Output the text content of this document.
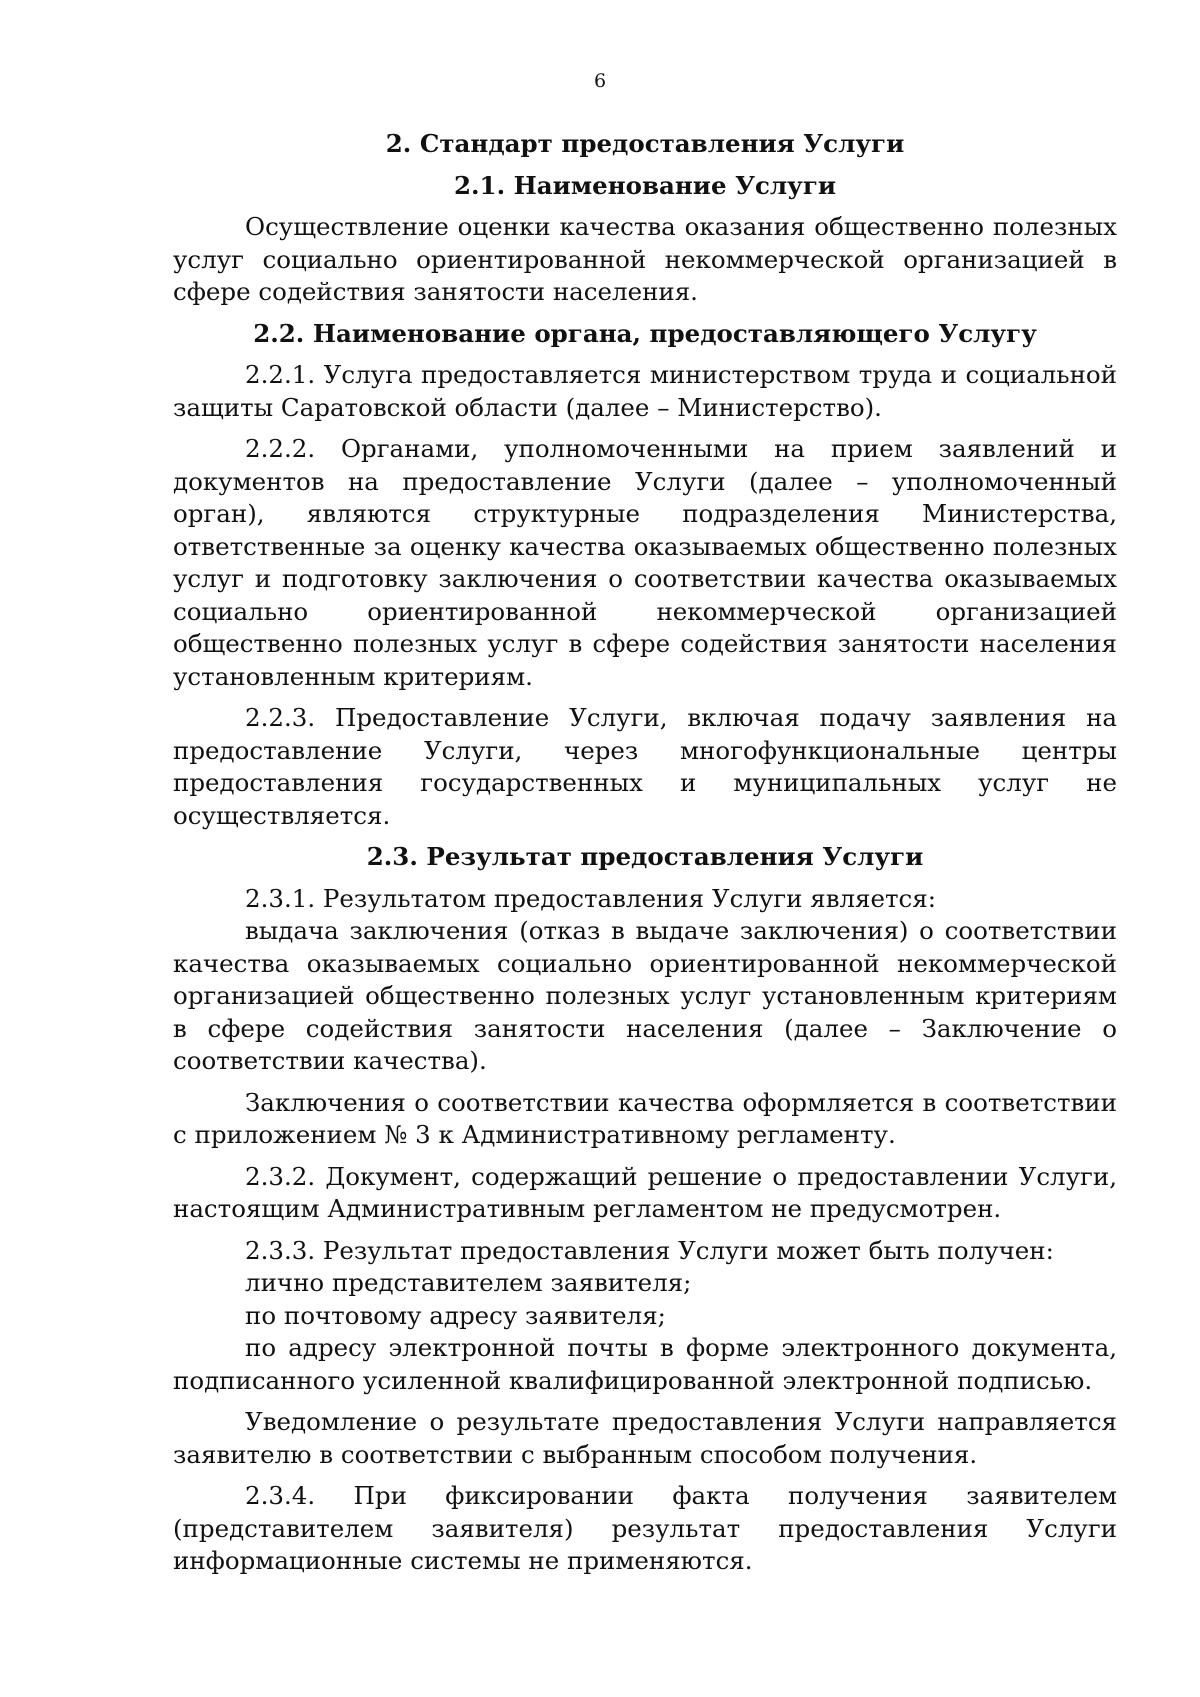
6

2. Стандарт предоставления Услуги

2.1. Наименование Услуги

Осуществление оценки качества оказания общественно полезных услуг социально ориентированной некоммерческой организацией в сфере содействия занятости населения.

2.2. Наименование органа, предоставляющего Услугу

2.2.1. Услуга предоставляется министерством труда и социальной защиты Саратовской области (далее – Министерство).

2.2.2. Органами, уполномоченными на прием заявлений и документов на предоставление Услуги (далее – уполномоченный орган), являются структурные подразделения Министерства, ответственные за оценку качества оказываемых общественно полезных услуг и подготовку заключения о соответствии качества оказываемых социально ориентированной некоммерческой организацией общественно полезных услуг в сфере содействия занятости населения установленным критериям.

2.2.3. Предоставление Услуги, включая подачу заявления на предоставление Услуги, через многофункциональные центры предоставления государственных и муниципальных услуг не осуществляется.

2.3. Результат предоставления Услуги

2.3.1. Результатом предоставления Услуги является:

выдача заключения (отказ в выдаче заключения) о соответствии качества оказываемых социально ориентированной некоммерческой организацией общественно полезных услуг установленным критериям в сфере содействия занятости населения (далее – Заключение о соответствии качества).

Заключения о соответствии качества оформляется в соответствии с приложением № 3 к Административному регламенту.

2.3.2. Документ, содержащий решение о предоставлении Услуги, настоящим Административным регламентом не предусмотрен.

2.3.3. Результат предоставления Услуги может быть получен:

лично представителем заявителя;

по почтовому адресу заявителя;

по адресу электронной почты в форме электронного документа, подписанного усиленной квалифицированной электронной подписью.

Уведомление о результате предоставления Услуги направляется заявителю в соответствии с выбранным способом получения.

2.3.4. При фиксировании факта получения заявителем (представителем заявителя) результат предоставления Услуги информационные системы не применяются.
